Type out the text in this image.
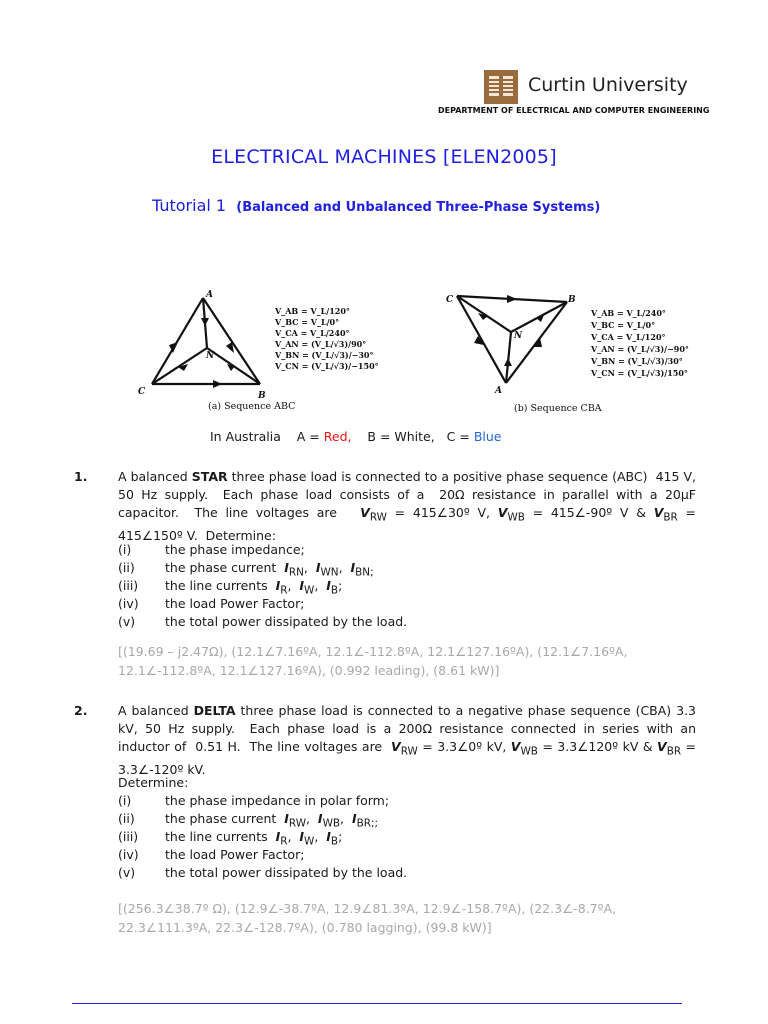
Curtin University
DEPARTMENT OF ELECTRICAL AND COMPUTER ENGINEERING
ELECTRICAL MACHINES [ELEN2005]
Tutorial 1 (Balanced and Unbalanced Three-Phase Systems)
A
B
C
N
V_AB = V_L/120°
V_BC = V_L/0°
V_CA = V_L/240°
V_AN = (V_L/√3)/90°
V_BN = (V_L/√3)/−30°
V_CN = (V_L/√3)/−150°
(a) Sequence ABC
C	B
A
N
V_AB = V_L/240°
V_BC = V_L/0°
V_CA = V_L/120°
V_AN = (V_L/√3)/−90°
V_BN = (V_L/√3)/30°
V_CN = (V_L/√3)/150°
(b) Sequence CBA
In Australia A = Red, B = White, C = Blue
1. A balanced STAR three phase load is connected to a positive phase sequence (ABC)  415 V, 50 Hz supply.  Each phase load consists of a  20Ω resistance in parallel with a 20μF capacitor.  The line voltages are   $V_{RW}$ = 415∠30º V, $V_{WB}$ = 415∠-90º V & $V_{BR}$ = 415∠150º V.  Determine:
(i)	the phase impedance;
(ii) the phase current $I_{RN}$,  $I_{WN}$,  $I_{BN;}$
(iii) the line currents $I_R$,  $I_W$,  $I_B$;
(iv) the load Power Factor;
(v) the total power dissipated by the load.
[(19.69 – j2.47Ω), (12.1∠7.16ºA, 12.1∠-112.8ºA, 12.1∠127.16ºA), (12.1∠7.16ºA, 12.1∠-112.8ºA, 12.1∠127.16ºA), (0.992 leading), (8.61 kW)]
2. A balanced DELTA three phase load is connected to a negative phase sequence (CBA) 3.3 kV, 50 Hz supply.  Each phase load is a 200Ω resistance connected in series with an inductor of  0.51 H.  The line voltages are  $V_{RW}$ = 3.3∠0º kV, $V_{WB}$ = 3.3∠120º kV & $V_{BR}$ = 3.3∠-120º kV.
Determine:
(i)	the phase impedance in polar form;
(ii) the phase current $I_{RW}$,  $I_{WB}$,  $I_{BR;;}$
(iii) the line currents $I_R$,  $I_W$,  $I_B$;
(iv) the load Power Factor;
(v) the total power dissipated by the load.
[(256.3∠38.7º Ω), (12.9∠-38.7ºA, 12.9∠81.3ºA, 12.9∠-158.7ºA), (22.3∠-8.7ºA, 22.3∠111.3ºA, 22.3∠-128.7ºA), (0.780 lagging), (99.8 kW)]
